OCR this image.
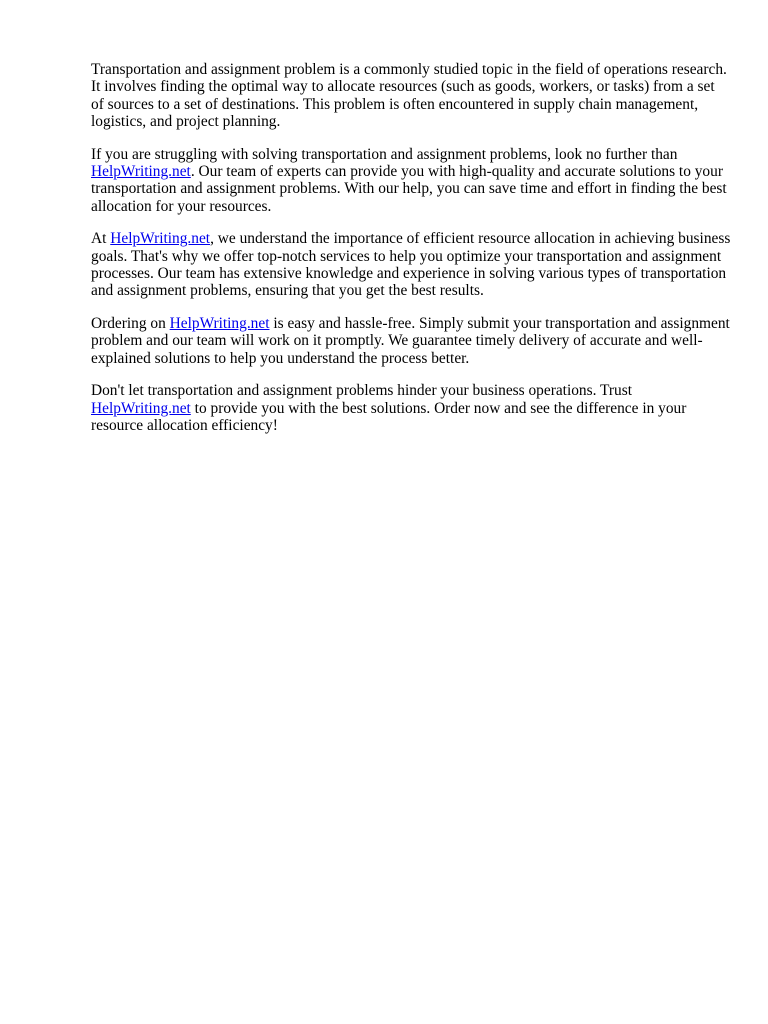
Transportation and assignment problem is a commonly studied topic in the field of operations research. It involves finding the optimal way to allocate resources (such as goods, workers, or tasks) from a set of sources to a set of destinations. This problem is often encountered in supply chain management, logistics, and project planning.

If you are struggling with solving transportation and assignment problems, look no further than HelpWriting.net. Our team of experts can provide you with high-quality and accurate solutions to your transportation and assignment problems. With our help, you can save time and effort in finding the best allocation for your resources.

At HelpWriting.net, we understand the importance of efficient resource allocation in achieving business goals. That's why we offer top-notch services to help you optimize your transportation and assignment processes. Our team has extensive knowledge and experience in solving various types of transportation and assignment problems, ensuring that you get the best results.

Ordering on HelpWriting.net is easy and hassle-free. Simply submit your transportation and assignment problem and our team will work on it promptly. We guarantee timely delivery of accurate and well-explained solutions to help you understand the process better.

Don't let transportation and assignment problems hinder your business operations. Trust HelpWriting.net to provide you with the best solutions. Order now and see the difference in your resource allocation efficiency!
